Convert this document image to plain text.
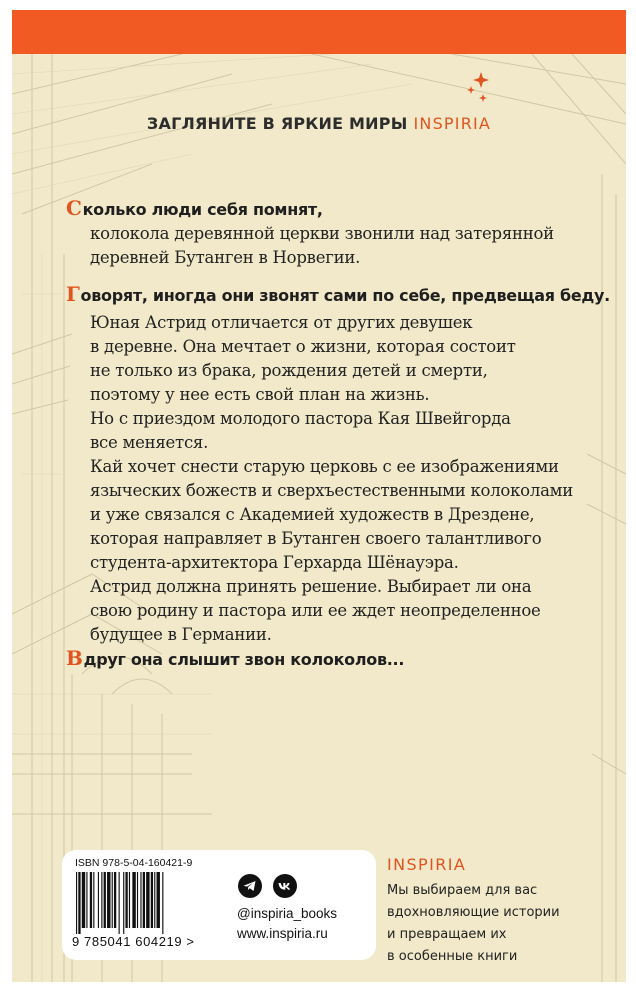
ЗАГЛЯНИТЕ В ЯРКИЕ МИРЫ INSPIRIA
Сколько люди себя помнят,
колокола деревянной церкви звонили над затерянной
деревней Бутанген в Норвегии.
Говорят, иногда они звонят сами по себе, предвещая беду.
Юная Астрид отличается от других девушек
в деревне. Она мечтает о жизни, которая состоит
не только из брака, рождения детей и смерти,
поэтому у нее есть свой план на жизнь.
Но с приездом молодого пастора Кая Швейгорда
все меняется.
Кай хочет снести старую церковь с ее изображениями
языческих божеств и сверхъестественными колоколами
и уже связался с Академией художеств в Дрездене,
которая направляет в Бутанген своего талантливого
студента-архитектора Герхарда Шёнауэра.
Астрид должна принять решение. Выбирает ли она
свою родину и пастора или ее ждет неопределенное
будущее в Германии.
Вдруг она слышит звон колоколов...
ISBN 978-5-04-160421-9
9 785041 604219 >

@inspiria_books
www.inspiria.ru
INSPIRIA
Мы выбираем для вас
вдохновляющие истории
и превращаем их
в особенные книги
